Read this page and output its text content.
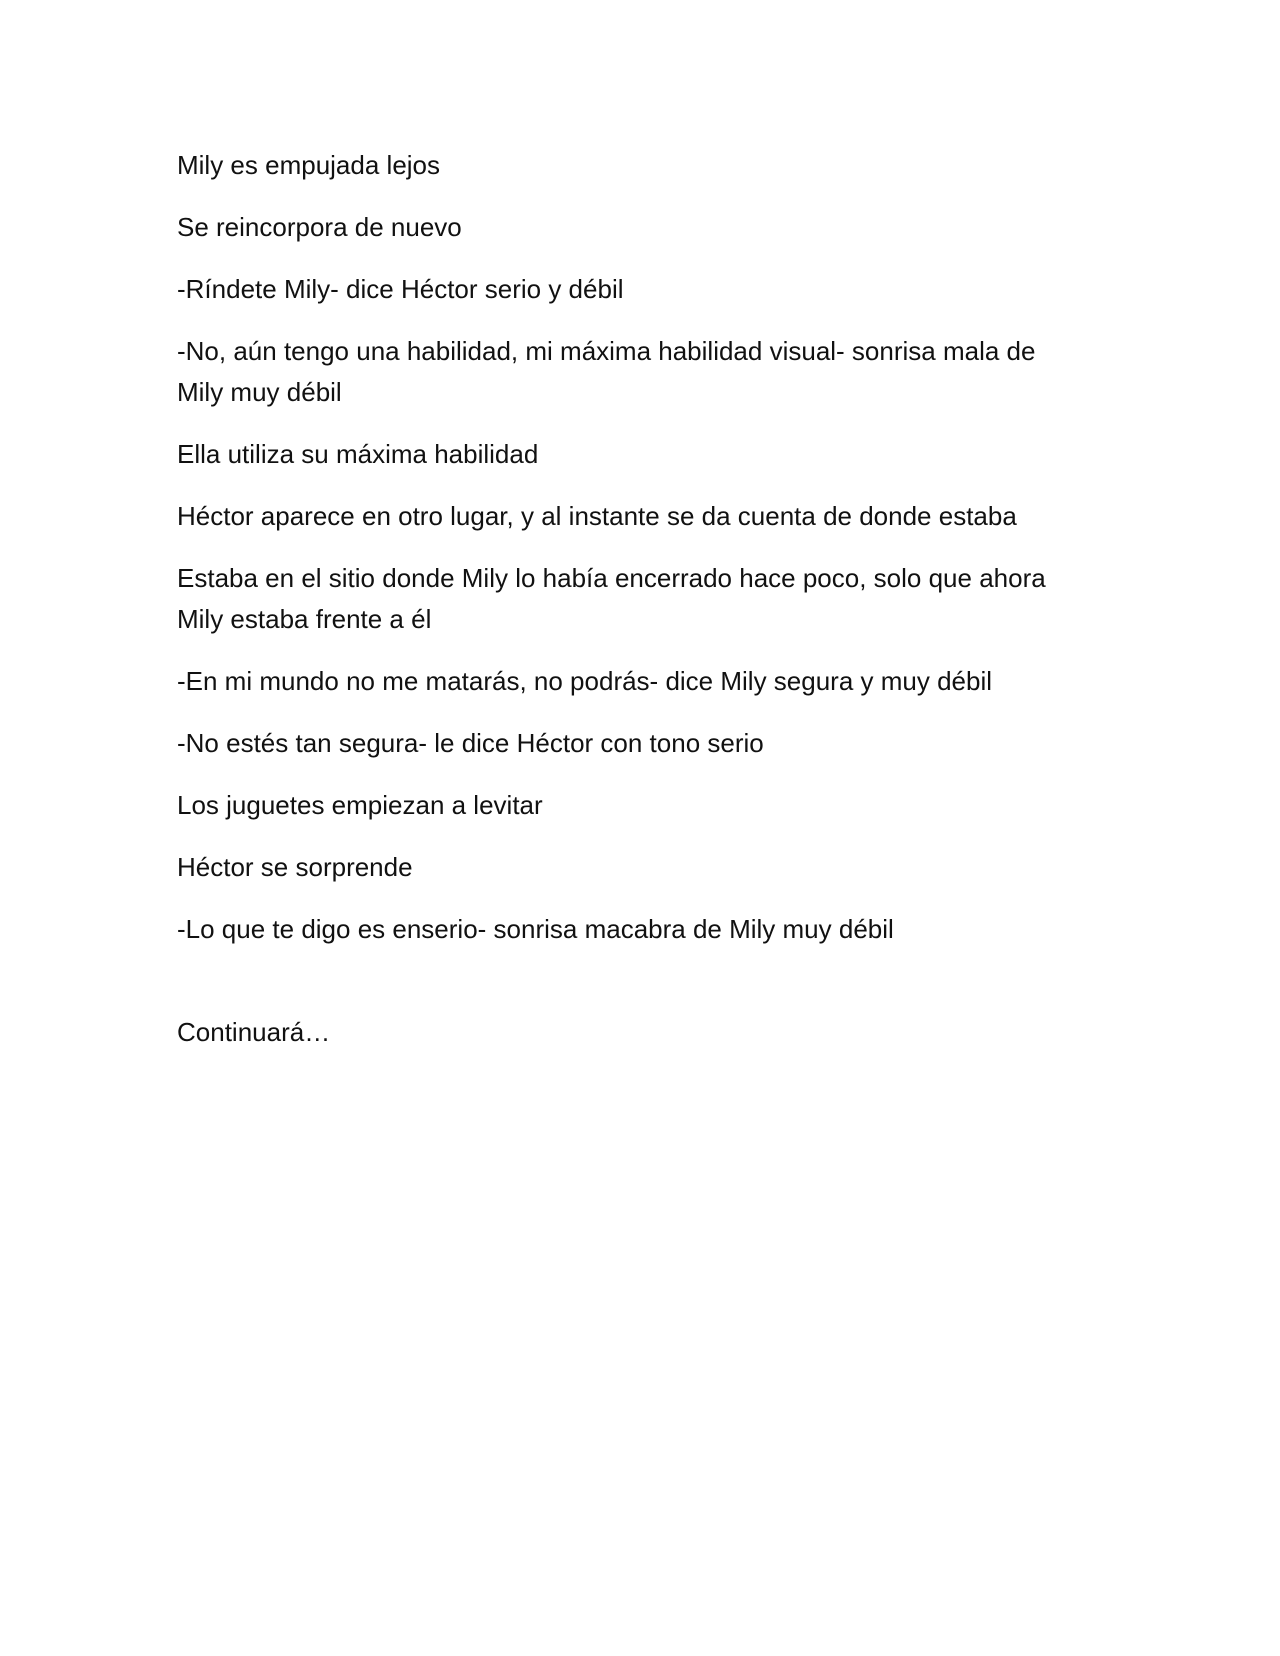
Mily es empujada lejos

Se reincorpora de nuevo

-Ríndete Mily- dice Héctor serio y débil

-No, aún tengo una habilidad, mi máxima habilidad visual- sonrisa mala de Mily muy débil

Ella utiliza su máxima habilidad

Héctor aparece en otro lugar, y al instante se da cuenta de donde estaba

Estaba en el sitio donde Mily lo había encerrado hace poco, solo que ahora Mily estaba frente a él

-En mi mundo no me matarás, no podrás- dice Mily segura y muy débil

-No estés tan segura- le dice Héctor con tono serio

Los juguetes empiezan a levitar

Héctor se sorprende

-Lo que te digo es enserio- sonrisa macabra de Mily muy débil

Continuará…
